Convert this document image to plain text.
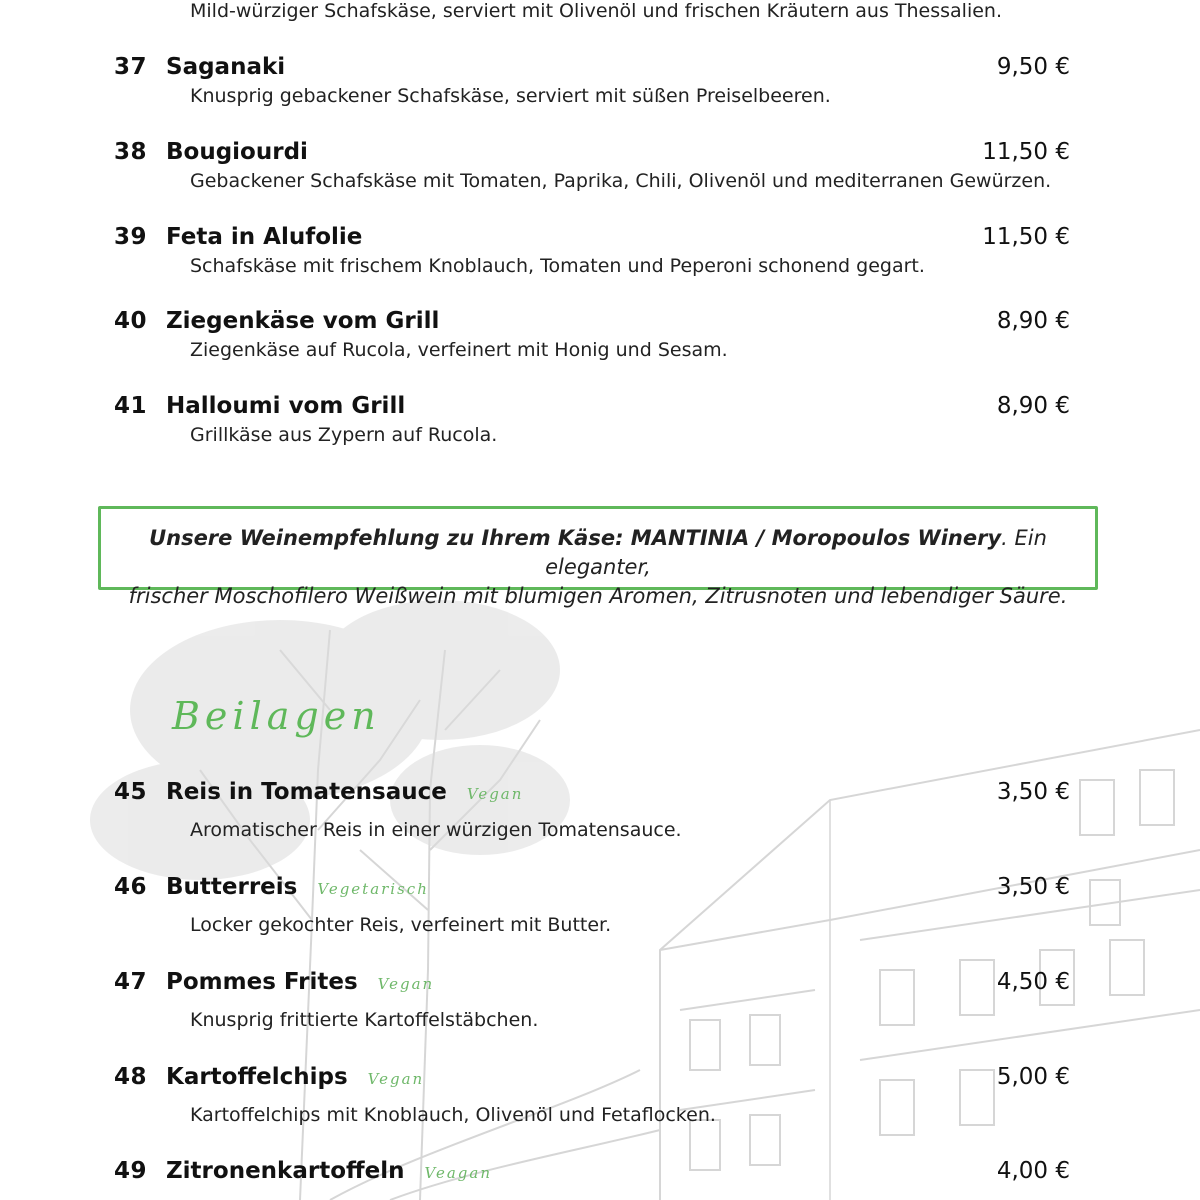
Mild-würziger Schafskäse, serviert mit Olivenöl und frischen Kräutern aus Thessalien.
37 Saganaki	9,50 €
Knusprig gebackener Schafskäse, serviert mit süßen Preiselbeeren.
38 Bougiourdi	11,50 €
Gebackener Schafskäse mit Tomaten, Paprika, Chili, Olivenöl und mediterranen Gewürzen.
39 Feta in Alufolie	11,50 €
Schafskäse mit frischem Knoblauch, Tomaten und Peperoni schonend gegart.
40 Ziegenkäse vom Grill	8,90 €
Ziegenkäse auf Rucola, verfeinert mit Honig und Sesam.
41 Halloumi vom Grill	8,90 €
Grillkäse aus Zypern auf Rucola.
Unsere Weinempfehlung zu Ihrem Käse: MANTINIA / Moropoulos Winery. Ein eleganter,
frischer Moschofilero Weißwein mit blumigen Aromen, Zitrusnoten und lebendiger Säure.
Beilagen
45 Reis in Tomatensauce Vegan	3,50 €
Aromatischer Reis in einer würzigen Tomatensauce.
46 Butterreis Vegetarisch	3,50 €
Locker gekochter Reis, verfeinert mit Butter.
47 Pommes Frites Vegan	4,50 €
Knusprig frittierte Kartoffelstäbchen.
48 Kartoffelchips Vegan	5,00 €
Kartoffelchips mit Knoblauch, Olivenöl und Fetaflocken.
49 Zitronenkartoffeln Veagan	4,00 €
